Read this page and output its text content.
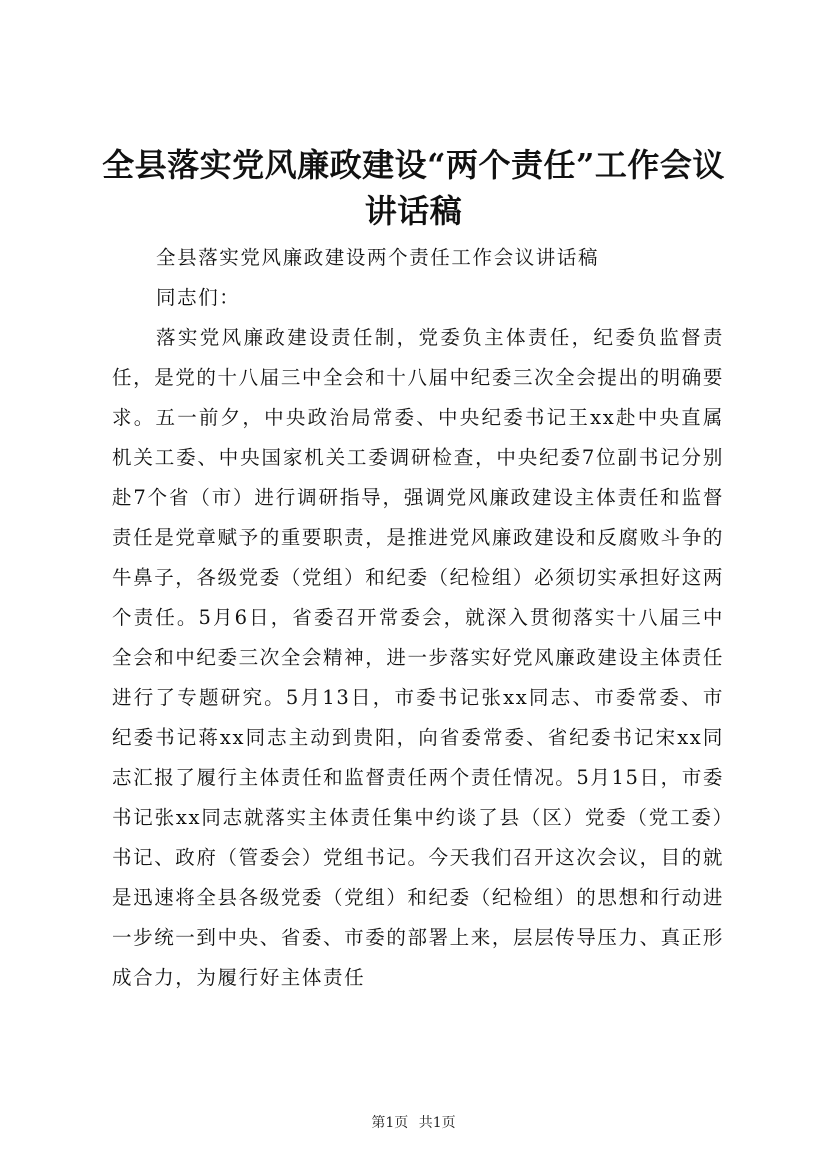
全县落实党风廉政建设“两个责任”工作会议讲话稿

全县落实党风廉政建设两个责任工作会议讲话稿

同志们：

落实党风廉政建设责任制，党委负主体责任，纪委负监督责任，是党的十八届三中全会和十八届中纪委三次全会提出的明确要求。五一前夕，中央政治局常委、中央纪委书记王xx赴中央直属机关工委、中央国家机关工委调研检查，中央纪委7位副书记分别赴7个省（市）进行调研指导，强调党风廉政建设主体责任和监督责任是党章赋予的重要职责，是推进党风廉政建设和反腐败斗争的牛鼻子，各级党委（党组）和纪委（纪检组）必须切实承担好这两个责任。5月6日，省委召开常委会，就深入贯彻落实十八届三中全会和中纪委三次全会精神，进一步落实好党风廉政建设主体责任进行了专题研究。5月13日，市委书记张xx同志、市委常委、市纪委书记蒋xx同志主动到贵阳，向省委常委、省纪委书记宋xx同志汇报了履行主体责任和监督责任两个责任情况。5月15日，市委书记张xx同志就落实主体责任集中约谈了县（区）党委（党工委）书记、政府（管委会）党组书记。今天我们召开这次会议，目的就是迅速将全县各级党委（党组）和纪委（纪检组）的思想和行动进一步统一到中央、省委、市委的部署上来，层层传导压力、真正形成合力，为履行好主体责任

第1页 共1页
